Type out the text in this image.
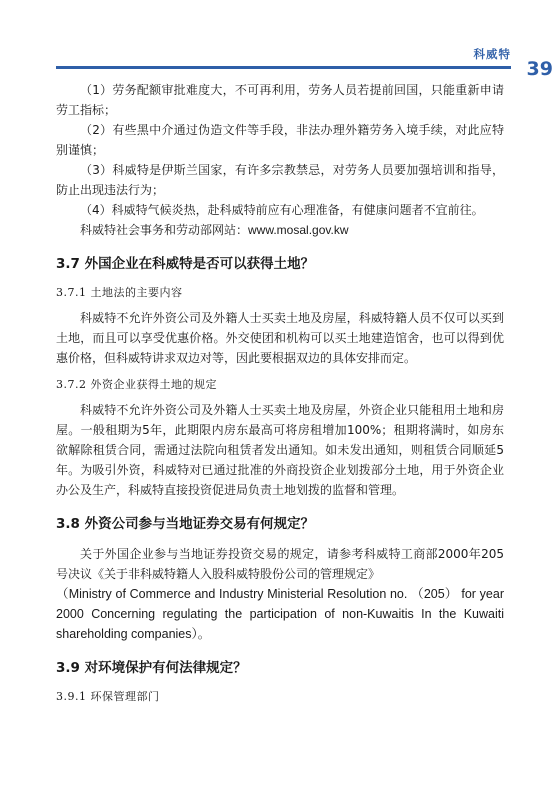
科威特
39

（1）劳务配额审批难度大，不可再利用，劳务人员若提前回国，只能重新申请劳工指标；

（2）有些黑中介通过伪造文件等手段，非法办理外籍劳务入境手续，对此应特别谨慎；

（3）科威特是伊斯兰国家，有许多宗教禁忌，对劳务人员要加强培训和指导，防止出现违法行为；

（4）科威特气候炎热，赴科威特前应有心理准备，有健康问题者不宜前往。

科威特社会事务和劳动部网站：www.mosal.gov.kw

3.7 外国企业在科威特是否可以获得土地？
3.7.1 土地法的主要内容

科威特不允许外资公司及外籍人士买卖土地及房屋，科威特籍人员不仅可以买到土地，而且可以享受优惠价格。外交使团和机构可以买土地建造馆舍，也可以得到优惠价格，但科威特讲求双边对等，因此要根据双边的具体安排而定。

3.7.2 外资企业获得土地的规定

科威特不允许外资公司及外籍人士买卖土地及房屋，外资企业只能租用土地和房屋。一般租期为5年，此期限内房东最高可将房租增加100%；租期将满时，如房东欲解除租赁合同，需通过法院向租赁者发出通知。如未发出通知，则租赁合同顺延5年。为吸引外资，科威特对已通过批准的外商投资企业划拨部分土地，用于外资企业办公及生产，科威特直接投资促进局负责土地划拨的监督和管理。

3.8 外资公司参与当地证券交易有何规定？

关于外国企业参与当地证券投资交易的规定，请参考科威特工商部2000年205号决议《关于非科威特籍人入股科威特股份公司的管理规定》

（Ministry of Commerce and Industry Ministerial Resolution no. （205） for year 2000 Concerning regulating the participation of non-Kuwaitis In the Kuwaiti shareholding companies）。

3.9 对环境保护有何法律规定？
3.9.1 环保管理部门
